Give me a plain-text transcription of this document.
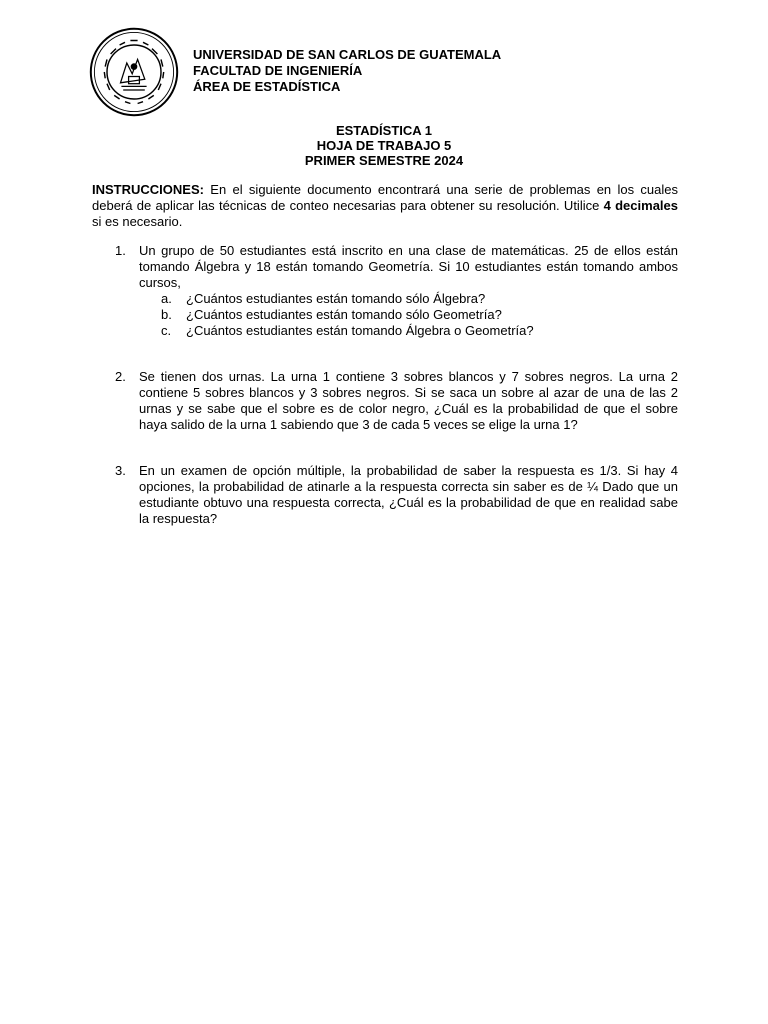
UNIVERSIDAD DE SAN CARLOS DE GUATEMALA
FACULTAD DE INGENIERÍA
ÁREA DE ESTADÍSTICA
ESTADÍSTICA 1
HOJA DE TRABAJO 5
PRIMER SEMESTRE 2024
INSTRUCCIONES: En el siguiente documento encontrará una serie de problemas en los cuales deberá de aplicar las técnicas de conteo necesarias para obtener su resolución. Utilice 4 decimales si es necesario.
1. Un grupo de 50 estudiantes está inscrito en una clase de matemáticas. 25 de ellos están tomando Álgebra y 18 están tomando Geometría. Si 10 estudiantes están tomando ambos cursos,
a. ¿Cuántos estudiantes están tomando sólo Álgebra?
b. ¿Cuántos estudiantes están tomando sólo Geometría?
c. ¿Cuántos estudiantes están tomando Álgebra o Geometría?
2. Se tienen dos urnas. La urna 1 contiene 3 sobres blancos y 7 sobres negros. La urna 2 contiene 5 sobres blancos y 3 sobres negros. Si se saca un sobre al azar de una de las 2 urnas y se sabe que el sobre es de color negro, ¿Cuál es la probabilidad de que el sobre haya salido de la urna 1 sabiendo que 3 de cada 5 veces se elige la urna 1?
3. En un examen de opción múltiple, la probabilidad de saber la respuesta es 1/3. Si hay 4 opciones, la probabilidad de atinarle a la respuesta correcta sin saber es de ¼ Dado que un estudiante obtuvo una respuesta correcta, ¿Cuál es la probabilidad de que en realidad sabe la respuesta?
